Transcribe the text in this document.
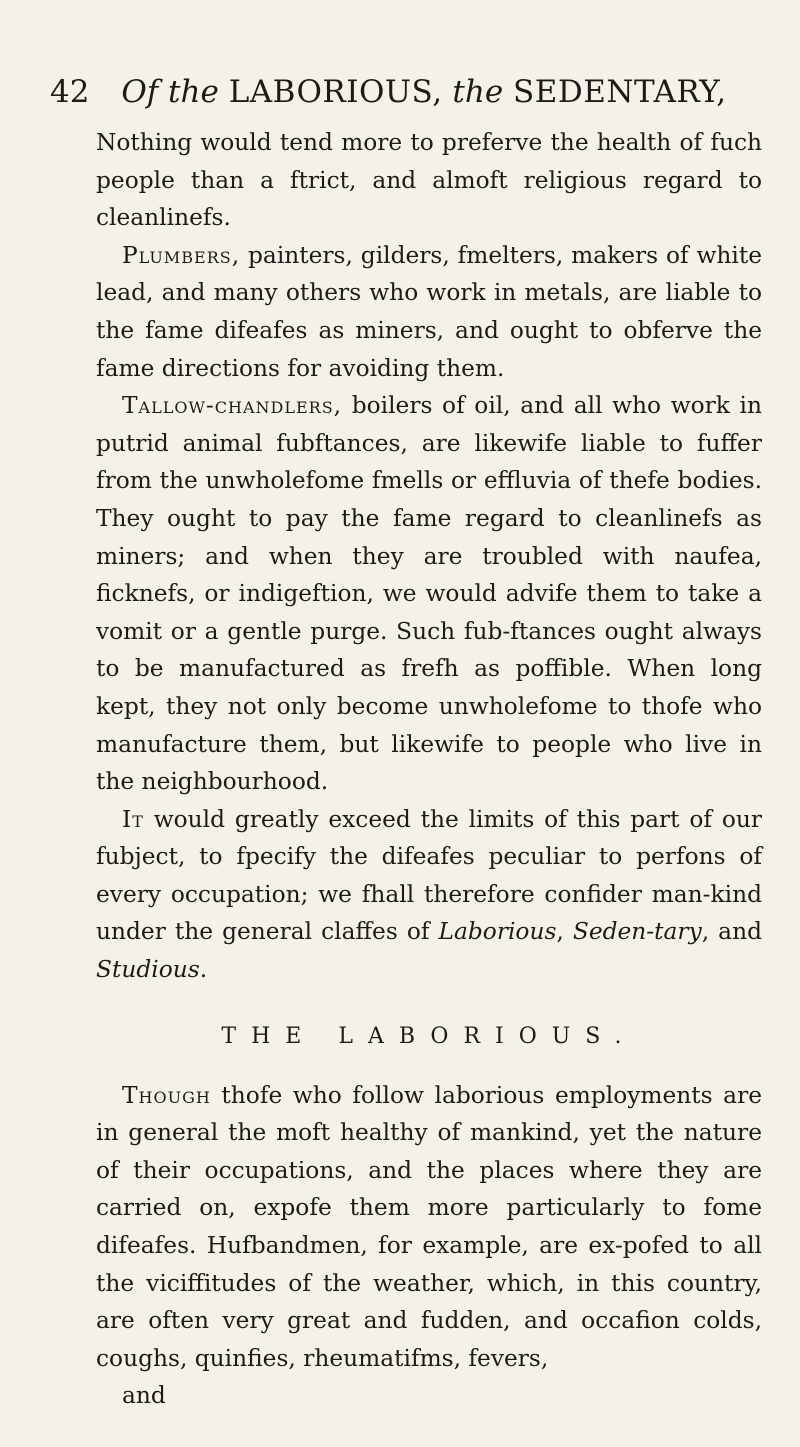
42 Of the LABORIOUS, the SEDENTARY,

Nothing would tend more to preferve the health of fuch people than a ftrict, and almoft religious regard to cleanlinefs.

Plumbers, painters, gilders, fmelters, makers of white lead, and many others who work in metals, are liable to the fame difeafes as miners, and ought to obferve the fame directions for avoiding them.

Tallow-chandlers, boilers of oil, and all who work in putrid animal fubftances, are likewife liable to fuffer from the unwholefome fmells or effluvia of thefe bodies. They ought to pay the fame regard to cleanlinefs as miners; and when they are troubled with naufea, ficknefs, or indigeftion, we would advife them to take a vomit or a gentle purge. Such fub-ftances ought always to be manufactured as frefh as poffible. When long kept, they not only become unwholefome to thofe who manufacture them, but likewife to people who live in the neighbourhood.

It would greatly exceed the limits of this part of our fubject, to fpecify the difeafes peculiar to perfons of every occupation; we fhall therefore confider man-kind under the general claffes of Laborious, Seden-tary, and Studious.

THE LABORIOUS.

Though thofe who follow laborious employments are in general the moft healthy of mankind, yet the nature of their occupations, and the places where they are carried on, expofe them more particularly to fome difeafes. Hufbandmen, for example, are ex-pofed to all the viciffitudes of the weather, which, in this country, are often very great and fudden, and occafion colds, coughs, quinfies, rheumatifms, fevers,

and
